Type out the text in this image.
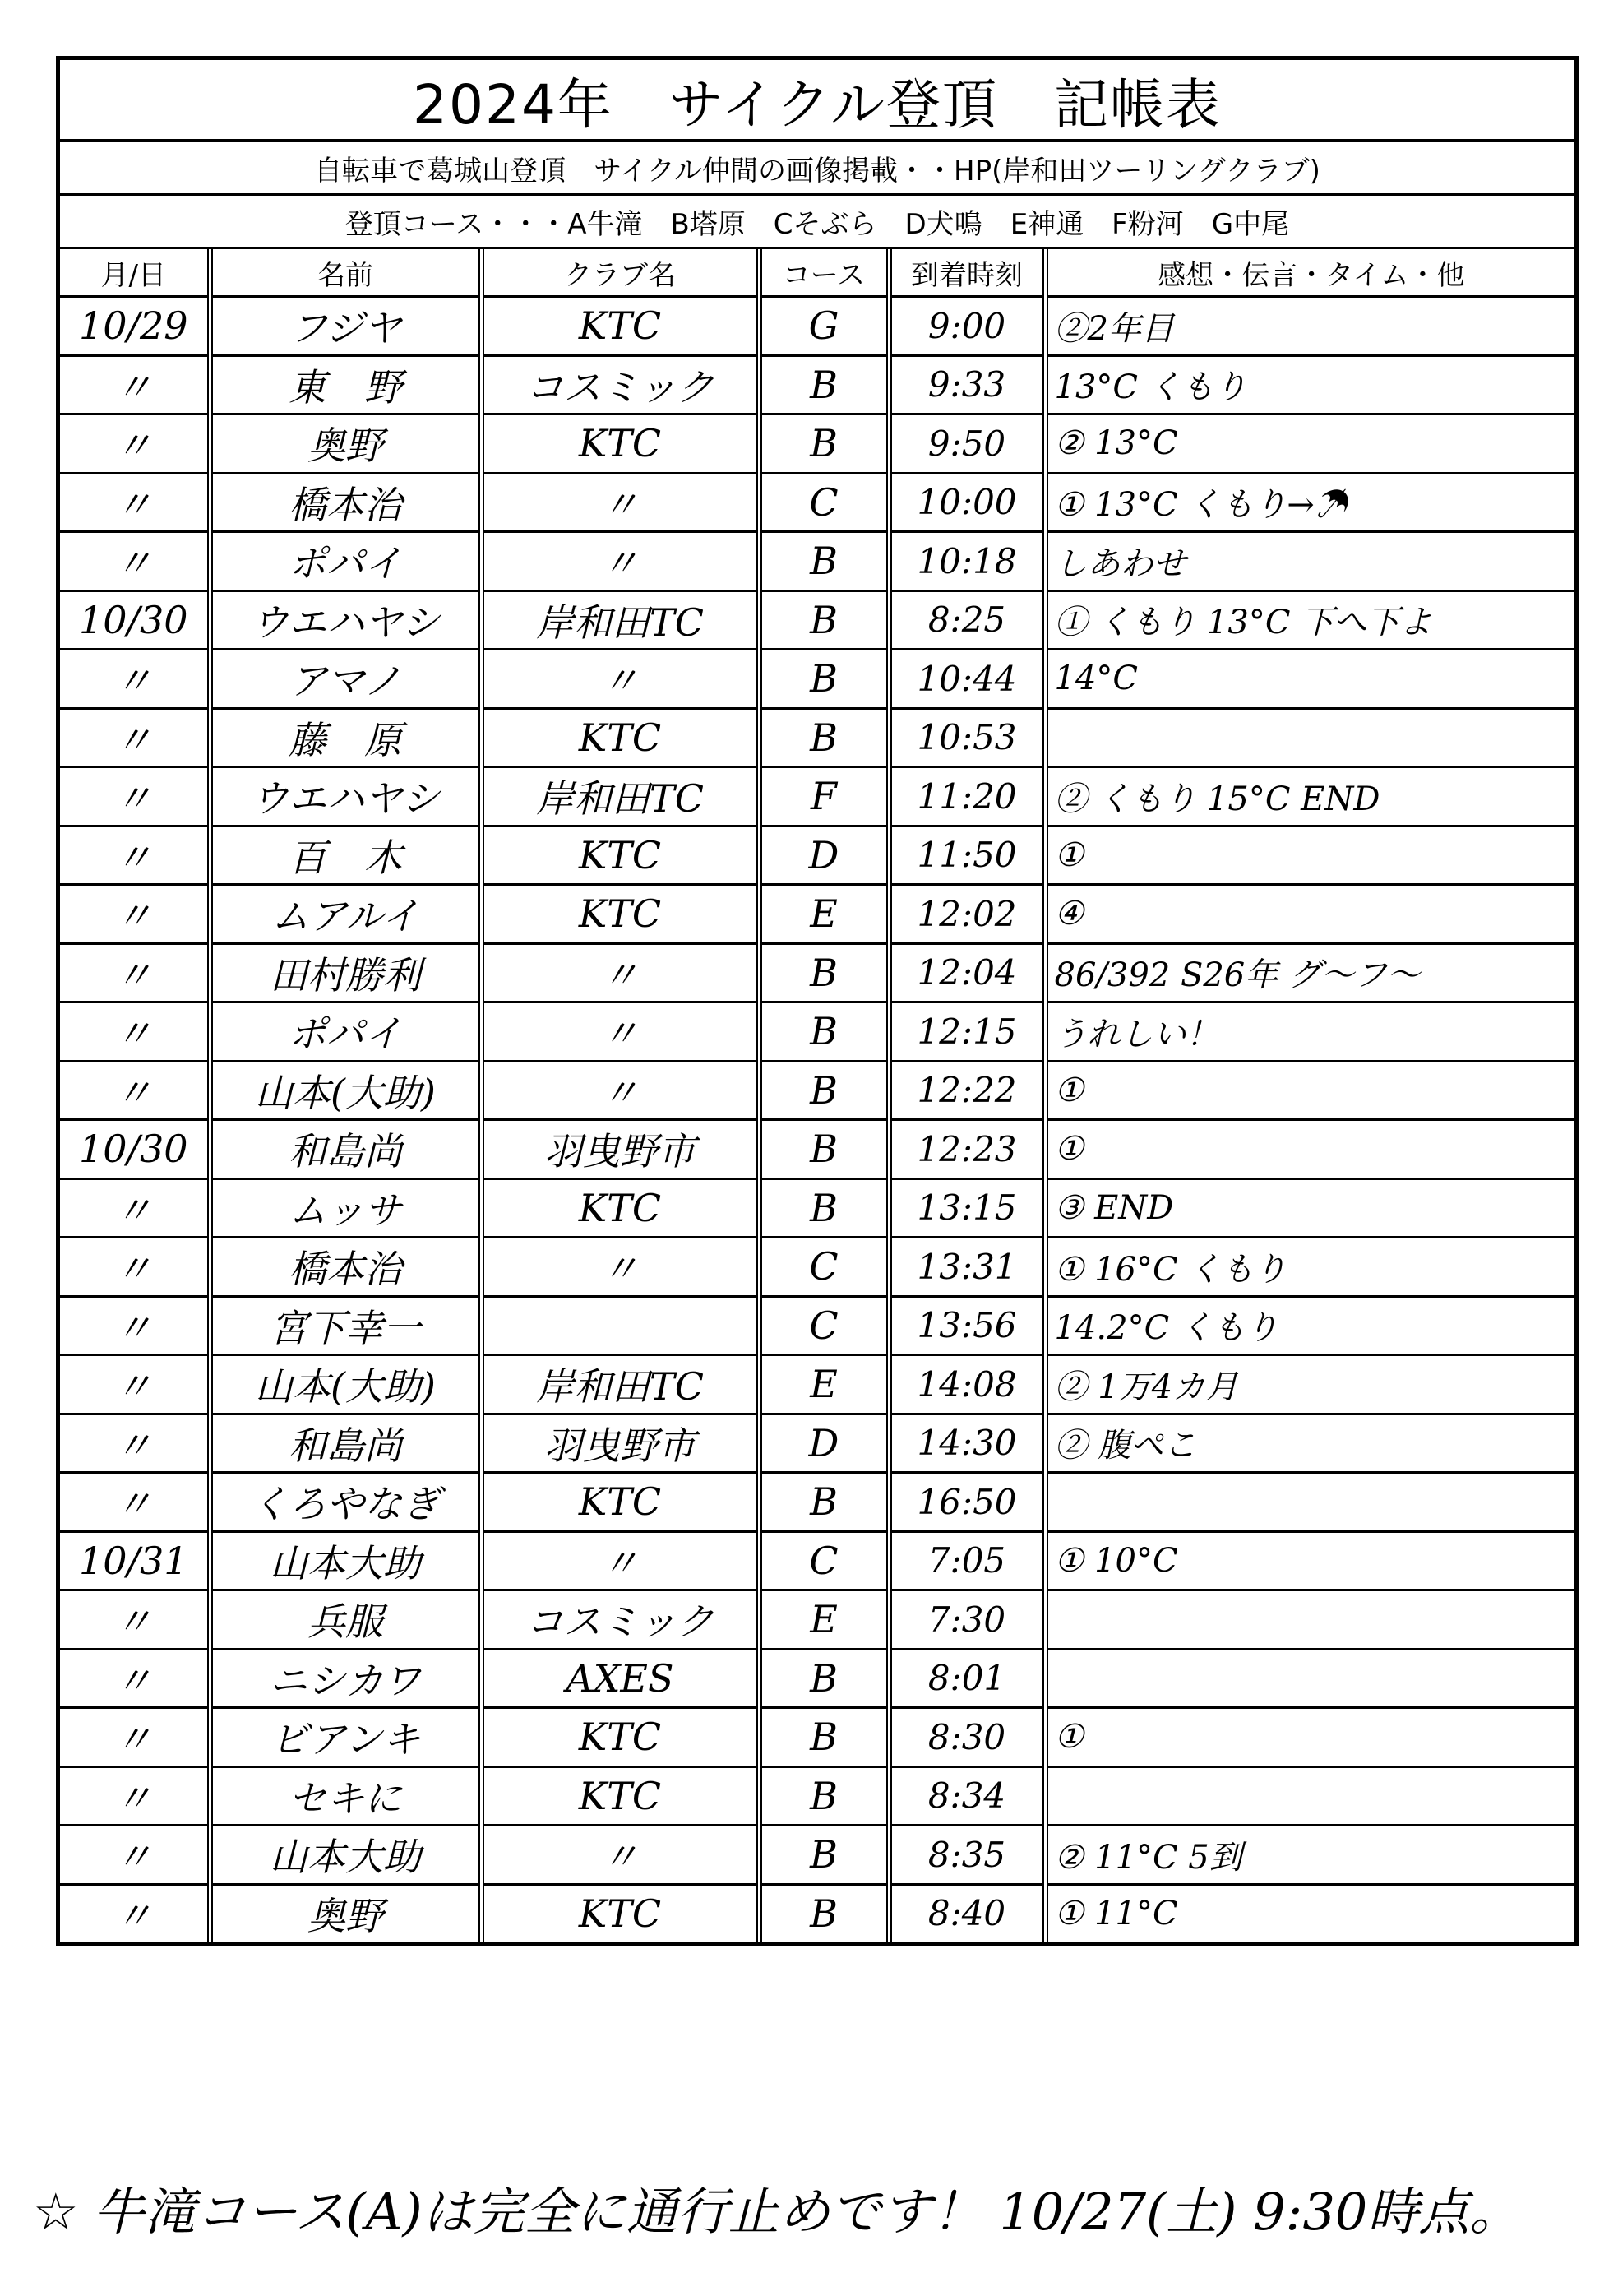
2024年　サイクル登頂　記帳表
自転車で葛城山登頂　サイクル仲間の画像掲載・・HP(岸和田ツーリングクラブ)
登頂コース・・・A牛滝　B塔原　Cそぶら　D犬鳴　E神通　F粉河　G中尾
月/日	名前	クラブ名	コース	到着時刻	感想・伝言・タイム・他
10/29	フジヤ	KTC	G	9:00	②2年目
〃	東　野	コスミック	B	9:33	13°C くもり
〃	奥野	KTC	B	9:50	② 13°C
〃	橋本治	〃	C	10:00	① 13°C くもり→☂
〃	ポパイ	〃	B	10:18	しあわせ
10/30	ウエハヤシ	岸和田TC	B	8:25	① くもり 13°C 下へ下よ
〃	アマノ	〃	B	10:44	14°C
〃	藤　原	KTC	B	10:53	
〃	ウエハヤシ	岸和田TC	F	11:20	② くもり 15°C END
〃	百　木	KTC	D	11:50	①
〃	ムアルイ	KTC	E	12:02	④
〃	田村勝利	〃	B	12:04	86/392 S26年 グ〜フ〜
〃	ポパイ	〃	B	12:15	うれしい！
〃	山本(大助)	〃	B	12:22	①
10/30	和島尚	羽曳野市	B	12:23	①
〃	ムッサ	KTC	B	13:15	③ END
〃	橋本治	〃	C	13:31	① 16°C くもり
〃	宮下幸一		C	13:56	14.2°C くもり
〃	山本(大助)	岸和田TC	E	14:08	② 1万4カ月
〃	和島尚	羽曳野市	D	14:30	② 腹ペこ
〃	くろやなぎ	KTC	B	16:50	
10/31	山本大助	〃	C	7:05	① 10°C
〃	兵服	コスミック	E	7:30	
〃	ニシカワ	AXES	B	8:01	
〃	ビアンキ	KTC	B	8:30	①
〃	セキに	KTC	B	8:34	
〃	山本大助	〃	B	8:35	② 11°C 5到
〃	奥野	KTC	B	8:40	① 11°C
☆ 牛滝コース(A)は完全に通行止めです！ 10/27(土) 9:30時点。
